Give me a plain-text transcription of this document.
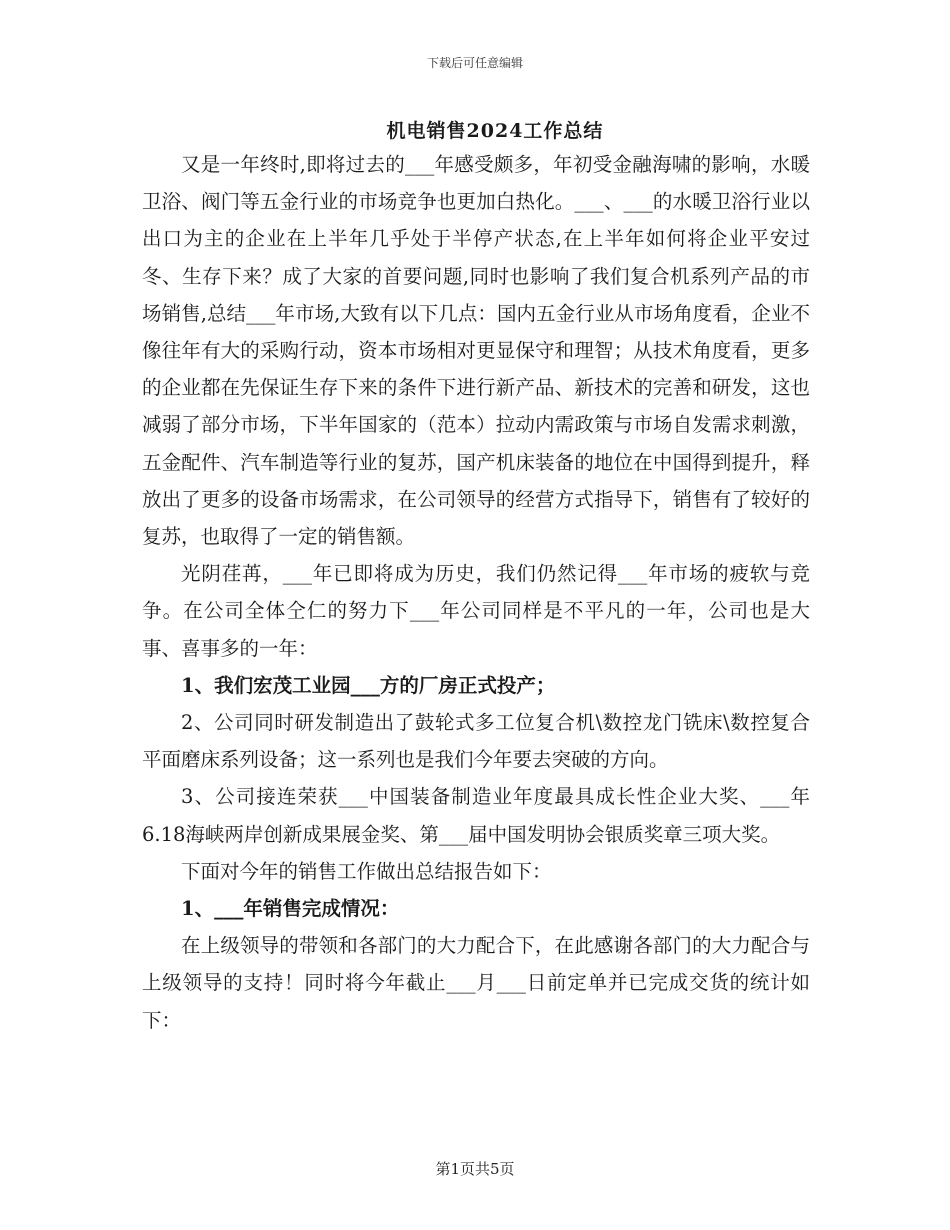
下载后可任意编辑
机电销售2024工作总结

又是一年终时,即将过去的___年感受颇多，年初受金融海啸的影响，水暖卫浴、阀门等五金行业的市场竞争也更加白热化。___、___的水暖卫浴行业以出口为主的企业在上半年几乎处于半停产状态,在上半年如何将企业平安过冬、生存下来？成了大家的首要问题,同时也影响了我们复合机系列产品的市场销售,总结___年市场,大致有以下几点：国内五金行业从市场角度看，企业不像往年有大的采购行动，资本市场相对更显保守和理智；从技术角度看，更多的企业都在先保证生存下来的条件下进行新产品、新技术的完善和研发，这也减弱了部分市场，下半年国家的（范本）拉动内需政策与市场自发需求刺激，五金配件、汽车制造等行业的复苏，国产机床装备的地位在中国得到提升，释放出了更多的设备市场需求，在公司领导的经营方式指导下，销售有了较好的复苏，也取得了一定的销售额。

光阴荏苒，___年已即将成为历史，我们仍然记得___年市场的疲软与竞争。在公司全体仝仁的努力下___年公司同样是不平凡的一年，公司也是大事、喜事多的一年：

1、我们宏茂工业园___方的厂房正式投产；

2、公司同时研发制造出了鼓轮式多工位复合机\数控龙门铣床\数控复合平面磨床系列设备；这一系列也是我们今年要去突破的方向。

3、公司接连荣获___中国装备制造业年度最具成长性企业大奖、___年6.18海峡两岸创新成果展金奖、第___届中国发明协会银质奖章三项大奖。

下面对今年的销售工作做出总结报告如下：

1、___年销售完成情况：

在上级领导的带领和各部门的大力配合下，在此感谢各部门的大力配合与上级领导的支持！同时将今年截止___月___日前定单并已完成交货的统计如下：

第1页共5页
